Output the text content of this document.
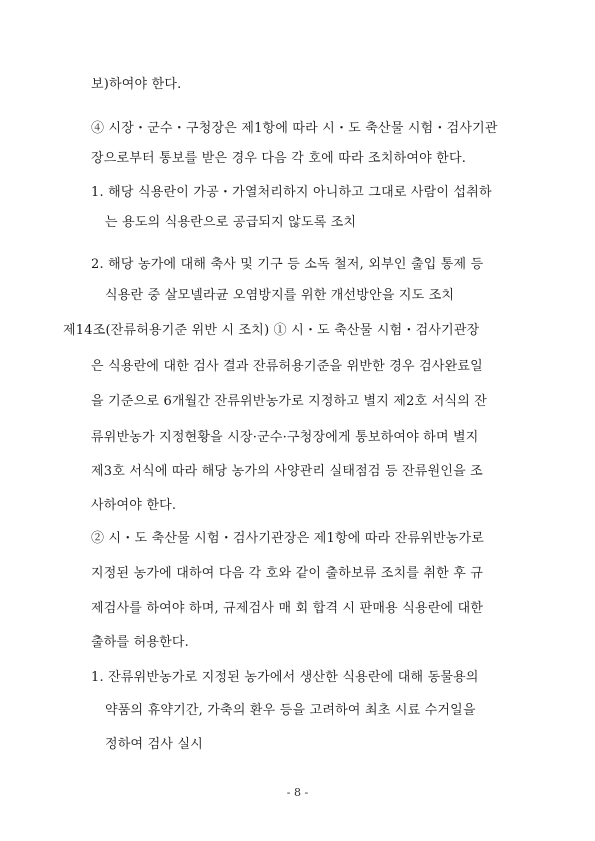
보)하여야 한다.
④ 시장・군수・구청장은 제1항에 따라 시・도 축산물 시험・검사기관
장으로부터 통보를 받은 경우 다음 각 호에 따라 조치하여야 한다.
1. 해당 식용란이 가공・가열처리하지 아니하고 그대로 사람이 섭취하
는 용도의 식용란으로 공급되지 않도록 조치
2. 해당 농가에 대해 축사 및 기구 등 소독 철저, 외부인 출입 통제 등
식용란 중 살모넬라균 오염방지를 위한 개선방안을 지도 조치
제14조(잔류허용기준 위반 시 조치) ① 시・도 축산물 시험・검사기관장
은 식용란에 대한 검사 결과 잔류허용기준을 위반한 경우 검사완료일
을 기준으로 6개월간 잔류위반농가로 지정하고 별지 제2호 서식의 잔
류위반농가 지정현황을 시장·군수·구청장에게 통보하여야 하며 별지
제3호 서식에 따라 해당 농가의 사양관리 실태점검 등 잔류원인을 조
사하여야 한다.
② 시・도 축산물 시험・검사기관장은 제1항에 따라 잔류위반농가로
지정된 농가에 대하여 다음 각 호와 같이 출하보류 조치를 취한 후 규
제검사를 하여야 하며, 규제검사 매 회 합격 시 판매용 식용란에 대한
출하를 허용한다.
1. 잔류위반농가로 지정된 농가에서 생산한 식용란에 대해 동물용의
약품의 휴약기간, 가축의 환우 등을 고려하여 최초 시료 수거일을
정하여 검사 실시
- 8 -
